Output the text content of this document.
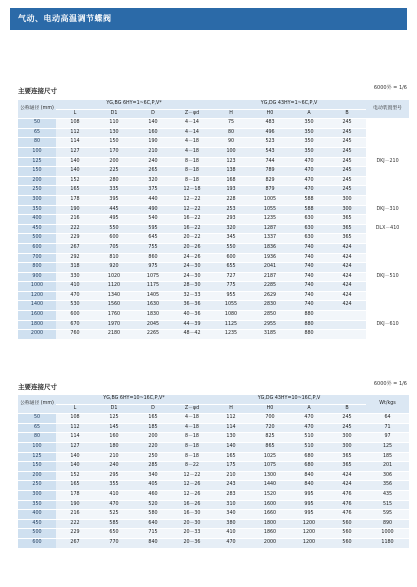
气动、电动高温调节蝶阀
主要连接尺寸	6000外 = 1/6
公称通径 (mm)	YG,BG 6HY=1~6C,P,V*				YG,DG 43HY=1~6C,P,V				电动装置型号
	L	D1	D	Z－φd	H	H0	A	B	
50	108	110	140	4－14	75	483	350	245	
65	112	130	160	4－14	80	496	350	245	
80	114	150	190	4－18	90	523	350	245	
100	127	170	210	4－18	100	543	350	245	
125	140	200	240	8－18	123	744	470	245	DKJ－210
150	140	225	265	8－18	138	789	470	245	
200	152	280	320	8－18	168	829	470	245	
250	165	335	375	12－18	193	879	470	245	
300	178	395	440	12－22	228	1005	588	300	
350	190	445	490	12－22	253	1055	588	300	DKJ－310
400	216	495	540	16－22	293	1235	630	365	
450	222	550	595	16－22	320	1287	630	365	DLX－410
500	229	600	645	20－22	345	1337	630	365	
600	267	705	755	20－26	550	1836	740	424	
700	292	810	860	24－26	600	1936	740	424	
800	318	920	975	24－30	655	2041	740	424	
900	330	1020	1075	24－30	727	2187	740	424	DKJ－510
1000	410	1120	1175	28－30	775	2285	740	424	
1200	470	1340	1405	32－33	955	2629	740	424	
1400	530	1560	1630	36－36	1055	2830	740	424	
1600	600	1760	1830	40－36	1080	2850	880		
1800	670	1970	2045	44－39	1125	2955	880		DKJ－610
2000	760	2180	2265	48－42	1235	3185	880		
主要连接尺寸	6000外 = 1/6
公称通径 (mm)	YG,BG 6HY=10~16C,P,V*				YG,DG 43HY=10~16C,P,V				Wt/kgs
	L	D1	D	Z－φd	H	H0	A	B	
50	108	125	165	4－18	112	700	470	245	64
65	112	145	185	4－18	114	720	470	245	71
80	114	160	200	8－18	130	825	510	300	97
100	127	180	220	8－18	140	865	510	300	125
125	140	210	250	8－18	165	1025	680	365	185
150	140	240	285	8－22	175	1075	680	365	201
200	152	295	340	12－22	210	1300	840	424	306
250	165	355	405	12－26	243	1440	840	424	356
300	178	410	460	12－26	283	1520	995	476	435
350	190	470	520	16－26	310	1600	995	476	515
400	216	525	580	16－30	340	1660	995	476	595
450	222	585	640	20－30	380	1800	1200	560	890
500	229	650	715	20－33	410	1860	1200	560	1000
600	267	770	840	20－36	470	2000	1200	560	1180
